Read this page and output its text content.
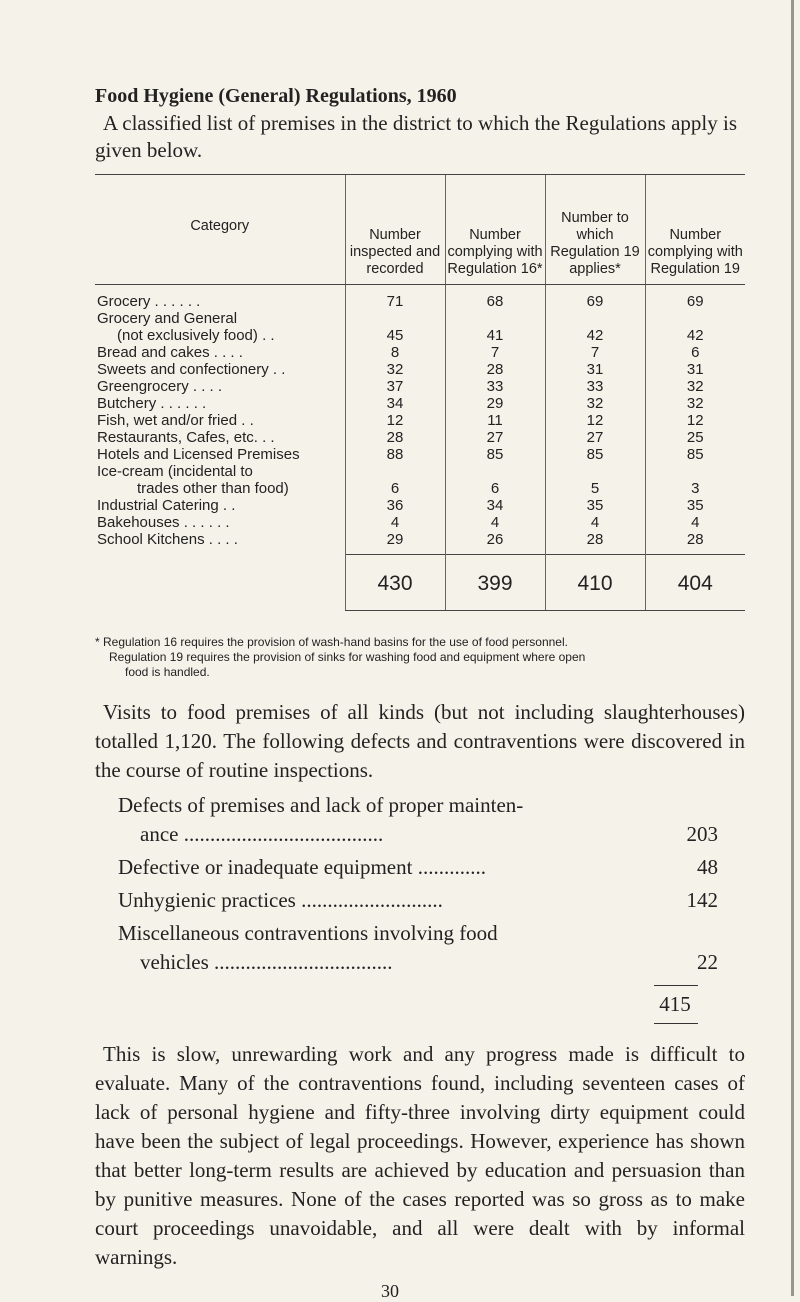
Food Hygiene (General) Regulations, 1960
A classified list of premises in the district to which the Regulations apply is given below.
Category	Number inspected and recorded	Number complying with Regulation 16*	Number to which Regulation 19 applies*	Number complying with Regulation 19
Grocery . . . . . .	71	68	69	69
Grocery and General				
(not exclusively food) . .	45	41	42	42
Bread and cakes . . . .	8	7	7	6
Sweets and confectionery . .	32	28	31	31
Greengrocery . . . .	37	33	33	32
Butchery . . . . . .	34	29	32	32
Fish, wet and/or fried . .	12	11	12	12
Restaurants, Cafes, etc. . .	28	27	27	25
Hotels and Licensed Premises	88	85	85	85
Ice-cream (incidental to				
trades other than food)	6	6	5	3
Industrial Catering . .	36	34	35	35
Bakehouses . . . . . .	4	4	4	4
School Kitchens . . . .	29	26	28	28

	430	399	410	404
* Regulation 16 requires the provision of wash-hand basins for the use of food personnel.
Regulation 19 requires the provision of sinks for washing food and equipment where open
food is handled.
Visits to food premises of all kinds (but not including slaughterhouses) totalled 1,120. The following defects and contraventions were discovered in the course of routine inspections.
Defects of premises and lack of proper mainten-
ance ......................................	203
Defective or inadequate equipment .............	48
Unhygienic practices ...........................	142
Miscellaneous contraventions involving food
vehicles ..................................	22
415
This is slow, unrewarding work and any progress made is difficult to evaluate. Many of the contraventions found, including seventeen cases of lack of personal hygiene and fifty-three involving dirty equipment could have been the subject of legal proceedings. However, experience has shown that better long-term results are achieved by education and persuasion than by punitive measures. None of the cases reported was so gross as to make court proceedings unavoidable, and all were dealt with by informal warnings.
30
